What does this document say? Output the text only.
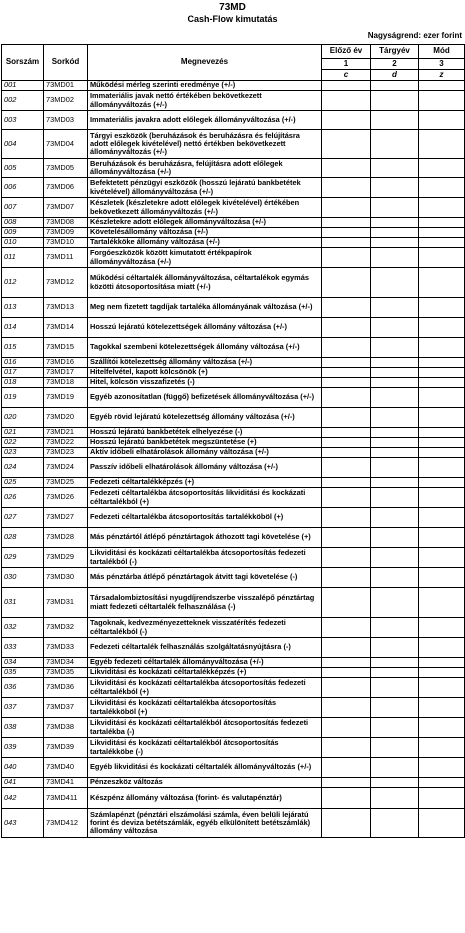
73MD
Cash-Flow kimutatás
Nagyságrend: ezer forint
Sorszám	Sorkód	Megnevezés	Előző év	Tárgyév	Mód
			1	2	3
			c	d	z
001	73MD01	Működési mérleg szerinti eredménye (+/-)			
002	73MD02	Immateriális javak nettó értékében bekövetkezett állományváltozás (+/-)			
003	73MD03	Immateriális javakra adott előlegek állományváltozása (+/-)			
004	73MD04	Tárgyi eszközök (beruházások és beruházásra és felújításra adott előlegek kivételével) nettó értékben bekövetkezett állományváltozás (+/-)			
005	73MD05	Beruházások és beruházásra, felújításra adott előlegek állományváltozása (+/-)			
006	73MD06	Befektetett pénzügyi eszközök (hosszú lejáratú bankbetétek kivételével) állományváltozása (+/-)			
007	73MD07	Készletek (készletekre adott előlegek kivételével) értékében bekövetkezett állományváltozás (+/-)			
008	73MD08	Készletekre adott előlegek állományváltozása (+/-)			
009	73MD09	Követelésállomány változása (+/-)			
010	73MD10	Tartalékköke állomány változása (+/-)			
011	73MD11	Forgóeszközök között kimutatott értékpapírok állományváltozása (+/-)			
012	73MD12	Működési céltartalék állományváltozása, céltartalékok egymás közötti átcsoportosítása miatt (+/-)			
013	73MD13	Meg nem fizetett tagdíjak tartaléka állományának változása (+/-)			
014	73MD14	Hosszú lejáratú kötelezettségek állomány változása (+/-)			
015	73MD15	Tagokkal szembeni kötelezettségek állomány változása (+/-)			
016	73MD16	Szállítói kötelezettség állomány változása (+/-)			
017	73MD17	Hitelfelvétel, kapott kölcsönök (+)			
018	73MD18	Hitel, kölcsön visszafizetés (-)			
019	73MD19	Egyéb azonosítatlan (függő) befizetések állományváltozása (+/-)			
020	73MD20	Egyéb rövid lejáratú kötelezettség állomány változása (+/-)			
021	73MD21	Hosszú lejáratú bankbetétek elhelyezése (-)			
022	73MD22	Hosszú lejáratú bankbetétek megszüntetése (+)			
023	73MD23	Aktív időbeli elhatárolások állomány változása (+/-)			
024	73MD24	Passzív időbeli elhatárolások állomány változása (+/-)			
025	73MD25	Fedezeti céltartalékképzés (+)			
026	73MD26	Fedezeti céltartalékba átcsoportosítás likviditási és kockázati céltartalékból (+)			
027	73MD27	Fedezeti céltartalékba átcsoportosítás tartalékköböl (+)			
028	73MD28	Más pénztártól átlépő pénztártagok áthozott tagi követelése (+)			
029	73MD29	Likviditási és kockázati céltartalékba átcsoportosítás fedezeti tartalékból (-)			
030	73MD30	Más pénztárba átlépő pénztártagok átvitt tagi követelése (-)			
031	73MD31	Társadalombiztosítási nyugdíjrendszerbe visszalépő pénztártag miatt fedezeti céltartalék felhasználása (-)			
032	73MD32	Tagoknak, kedvezményezetteknek visszatérítés fedezeti céltartalékból (-)			
033	73MD33	Fedezeti céltartalék felhasználás szolgáltatásnyújtásra (-)			
034	73MD34	Egyéb fedezeti céltartalék állományváltozása (+/-)			
035	73MD35	Likviditási és kockázati céltartalékképzés (+)			
036	73MD36	Likviditási és kockázati céltartalékba átcsoportosítás fedezeti céltartalékból (+)			
037	73MD37	Likviditási és kockázati céltartalékba átcsoportosítás tartalékköböl (+)			
038	73MD38	Likviditási és kockázati céltartalékból átcsoportosítás fedezeti tartalékba (-)			
039	73MD39	Likviditási és kockázati céltartalékból átcsoportosítás tartalékköbe (-)			
040	73MD40	Egyéb likviditási és kockázati céltartalék állományváltozás (+/-)			
041	73MD41	Pénzeszköz változás			
042	73MD411	Készpénz állomány változása (forint- és valutapénztár)			
043	73MD412	Számlapénzt (pénztári elszámolási számla, éven belüli lejáratú forint és deviza betétszámlák, egyéb elkülönített betétszámlák) állomány változása			
